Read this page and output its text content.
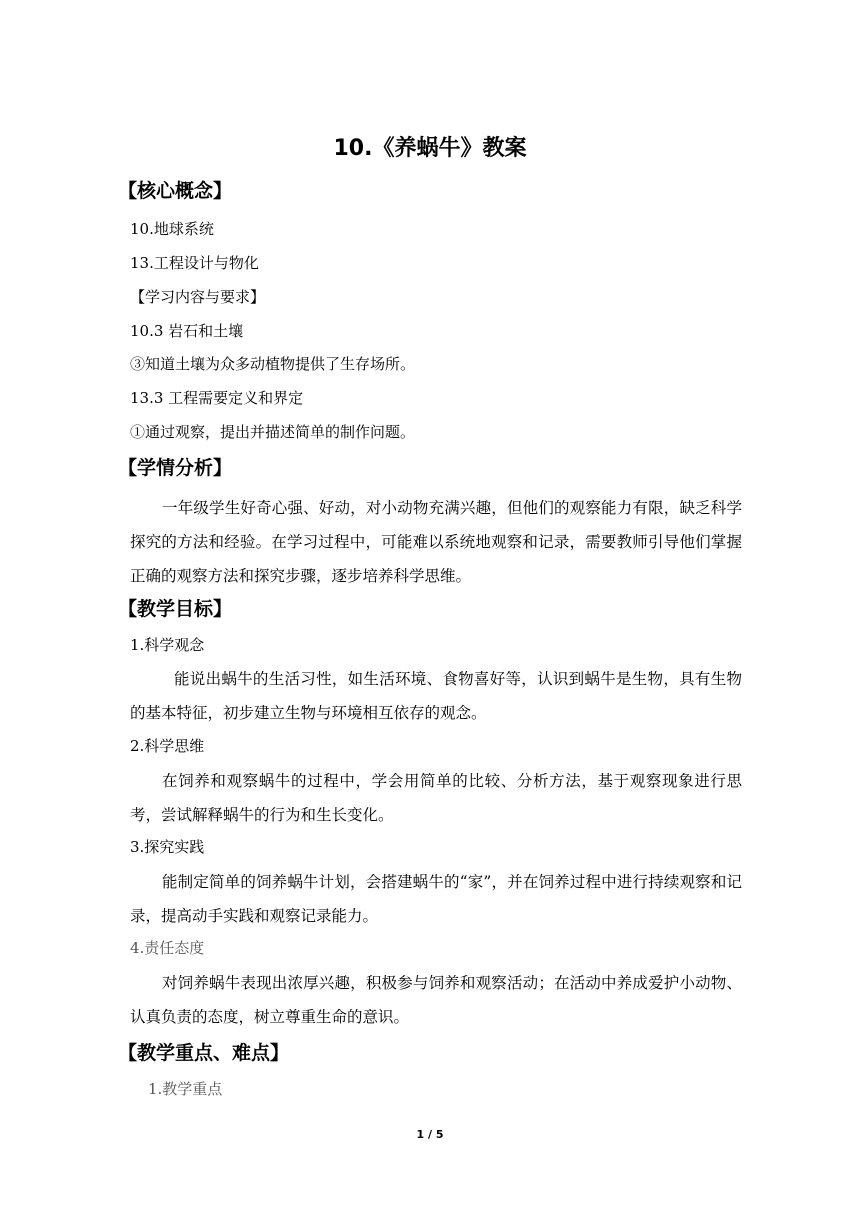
10.《养蜗牛》教案
【核心概念】
10.地球系统
13.工程设计与物化
【学习内容与要求】
10.3 岩石和土壤
③知道土壤为众多动植物提供了生存场所。
13.3 工程需要定义和界定
①通过观察，提出并描述简单的制作问题。
【学情分析】
一年级学生好奇心强、好动，对小动物充满兴趣，但他们的观察能力有限，缺乏科学探究的方法和经验。在学习过程中，可能难以系统地观察和记录，需要教师引导他们掌握正确的观察方法和探究步骤，逐步培养科学思维。
【教学目标】
1.科学观念
能说出蜗牛的生活习性，如生活环境、食物喜好等，认识到蜗牛是生物，具有生物的基本特征，初步建立生物与环境相互依存的观念。
2.科学思维
在饲养和观察蜗牛的过程中，学会用简单的比较、分析方法，基于观察现象进行思考，尝试解释蜗牛的行为和生长变化。
3.探究实践
能制定简单的饲养蜗牛计划，会搭建蜗牛的“家”，并在饲养过程中进行持续观察和记录，提高动手实践和观察记录能力。
4.责任态度
对饲养蜗牛表现出浓厚兴趣，积极参与饲养和观察活动；在活动中养成爱护小动物、认真负责的态度，树立尊重生命的意识。
【教学重点、难点】
1.教学重点
1 / 5
